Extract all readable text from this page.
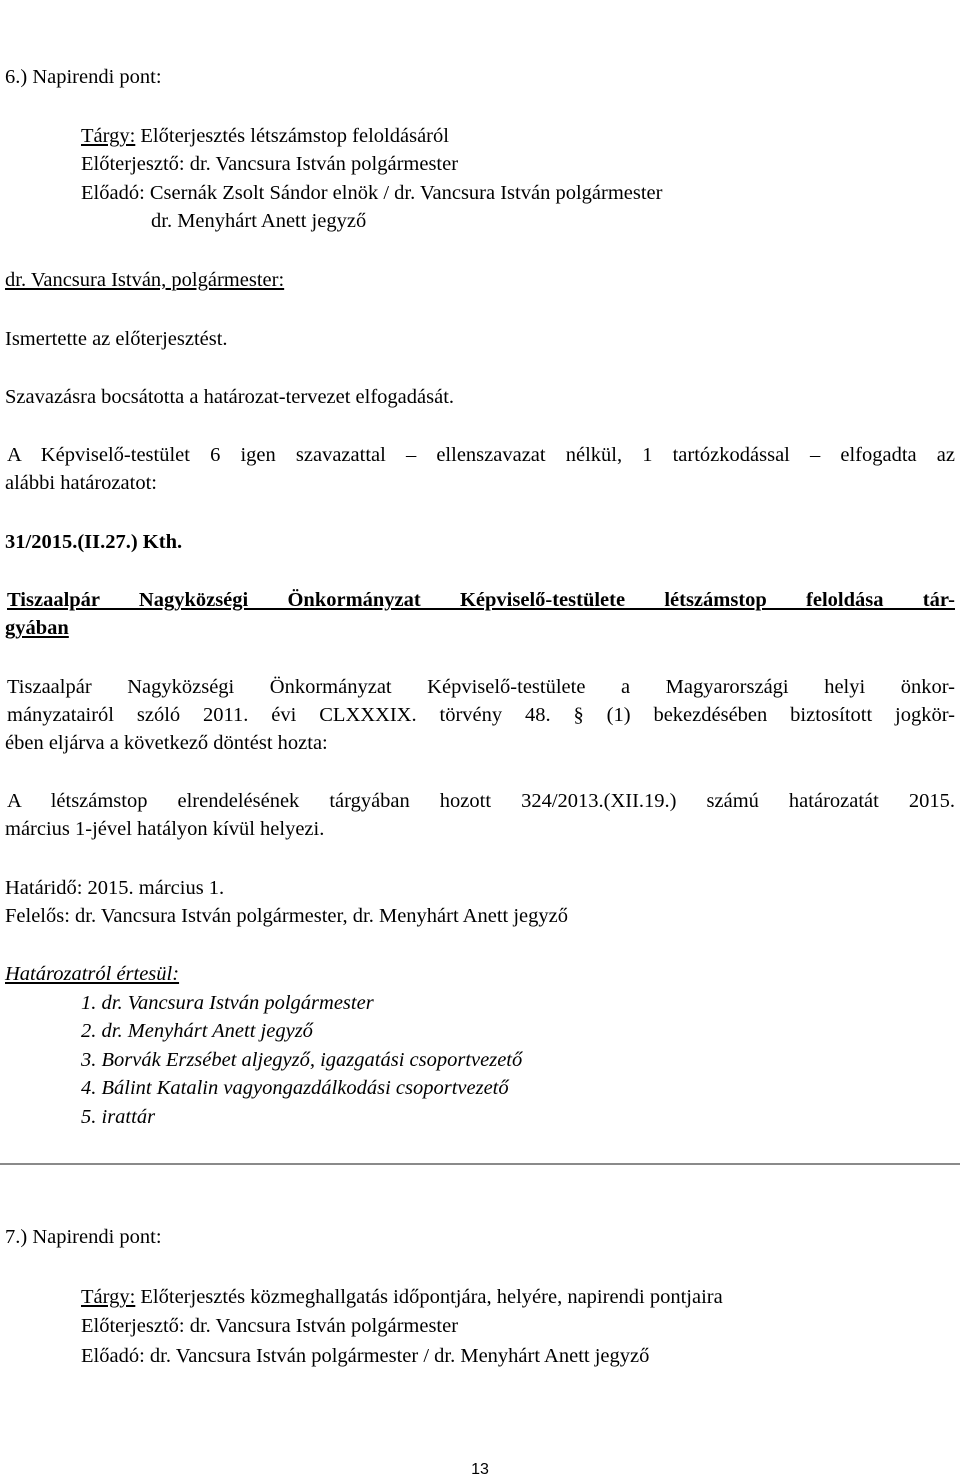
6.) Napirendi pont:
Tárgy: Előterjesztés létszámstop feloldásáról
Előterjesztő: dr. Vancsura István polgármester
Előadó: Csernák Zsolt Sándor elnök / dr. Vancsura István polgármester
dr. Menyhárt Anett jegyző
dr. Vancsura István, polgármester:
Ismertette az előterjesztést.
Szavazásra bocsátotta a határozat-tervezet elfogadását.
A Képviselő-testület 6 igen szavazattal – ellenszavazat nélkül, 1 tartózkodással – elfogadta az
alábbi határozatot:
31/2015.(II.27.) Kth.
Tiszaalpár Nagyközségi Önkormányzat Képviselő-testülete létszámstop feloldása tár-
gyában
Tiszaalpár Nagyközségi Önkormányzat Képviselő-testülete a Magyarországi helyi önkor-
mányzatairól szóló 2011. évi CLXXXIX. törvény 48. § (1) bekezdésében biztosított jogkör-
ében eljárva a következő döntést hozta:
A létszámstop elrendelésének tárgyában hozott 324/2013.(XII.19.) számú határozatát 2015.
március 1-jével hatályon kívül helyezi.
Határidő: 2015. március 1.
Felelős: dr. Vancsura István polgármester, dr. Menyhárt Anett jegyző
Határozatról értesül:
1. dr. Vancsura István polgármester
2. dr. Menyhárt Anett jegyző
3. Borvák Erzsébet aljegyző, igazgatási csoportvezető
4. Bálint Katalin vagyongazdálkodási csoportvezető
5. irattár
7.) Napirendi pont:
Tárgy: Előterjesztés közmeghallgatás időpontjára, helyére, napirendi pontjaira
Előterjesztő: dr. Vancsura István polgármester
Előadó: dr. Vancsura István polgármester / dr. Menyhárt Anett jegyző
13
